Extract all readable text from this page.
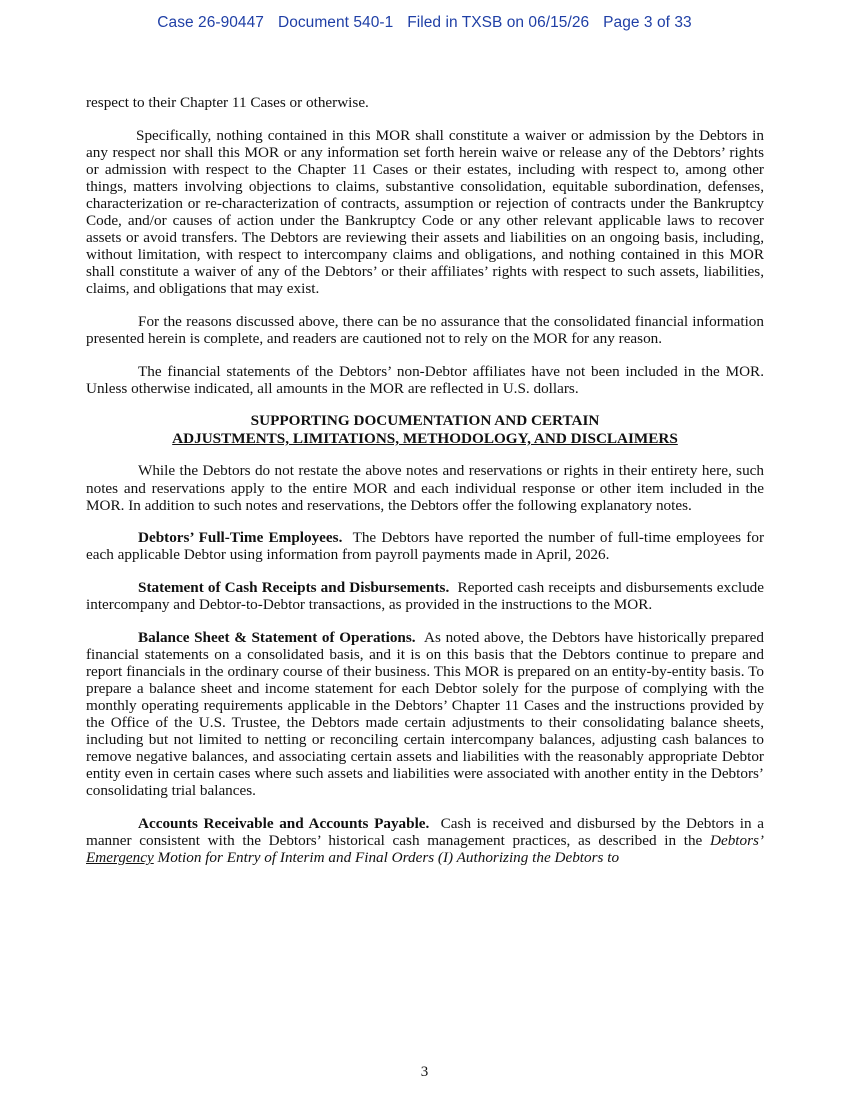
Case 26-90447 Document 540-1 Filed in TXSB on 06/15/26 Page 3 of 33

respect to their Chapter 11 Cases or otherwise.

Specifically, nothing contained in this MOR shall constitute a waiver or admission by the Debtors in any respect nor shall this MOR or any information set forth herein waive or release any of the Debtors’ rights or admission with respect to the Chapter 11 Cases or their estates, including with respect to, among other things, matters involving objections to claims, substantive consolidation, equitable subordination, defenses, characterization or re-characterization of contracts, assumption or rejection of contracts under the Bankruptcy Code, and/or causes of action under the Bankruptcy Code or any other relevant applicable laws to recover assets or avoid transfers. The Debtors are reviewing their assets and liabilities on an ongoing basis, including, without limitation, with respect to intercompany claims and obligations, and nothing contained in this MOR shall constitute a waiver of any of the Debtors’ or their affiliates’ rights with respect to such assets, liabilities, claims, and obligations that may exist.

For the reasons discussed above, there can be no assurance that the consolidated financial information presented herein is complete, and readers are cautioned not to rely on the MOR for any reason.

The financial statements of the Debtors’ non-Debtor affiliates have not been included in the MOR. Unless otherwise indicated, all amounts in the MOR are reflected in U.S. dollars.

SUPPORTING DOCUMENTATION AND CERTAIN
ADJUSTMENTS, LIMITATIONS, METHODOLOGY, AND DISCLAIMERS

While the Debtors do not restate the above notes and reservations or rights in their entirety here, such notes and reservations apply to the entire MOR and each individual response or other item included in the MOR. In addition to such notes and reservations, the Debtors offer the following explanatory notes.

Debtors’ Full-Time Employees. The Debtors have reported the number of full-time employees for each applicable Debtor using information from payroll payments made in April, 2026.

Statement of Cash Receipts and Disbursements. Reported cash receipts and disbursements exclude intercompany and Debtor-to-Debtor transactions, as provided in the instructions to the MOR.

Balance Sheet & Statement of Operations. As noted above, the Debtors have historically prepared financial statements on a consolidated basis, and it is on this basis that the Debtors continue to prepare and report financials in the ordinary course of their business. This MOR is prepared on an entity-by-entity basis. To prepare a balance sheet and income statement for each Debtor solely for the purpose of complying with the monthly operating requirements applicable in the Debtors’ Chapter 11 Cases and the instructions provided by the Office of the U.S. Trustee, the Debtors made certain adjustments to their consolidating balance sheets, including but not limited to netting or reconciling certain intercompany balances, adjusting cash balances to remove negative balances, and associating certain assets and liabilities with the reasonably appropriate Debtor entity even in certain cases where such assets and liabilities were associated with another entity in the Debtors’ consolidating trial balances.

Accounts Receivable and Accounts Payable. Cash is received and disbursed by the Debtors in a manner consistent with the Debtors’ historical cash management practices, as described in the Debtors’ Emergency Motion for Entry of Interim and Final Orders (I) Authorizing the Debtors to

3
